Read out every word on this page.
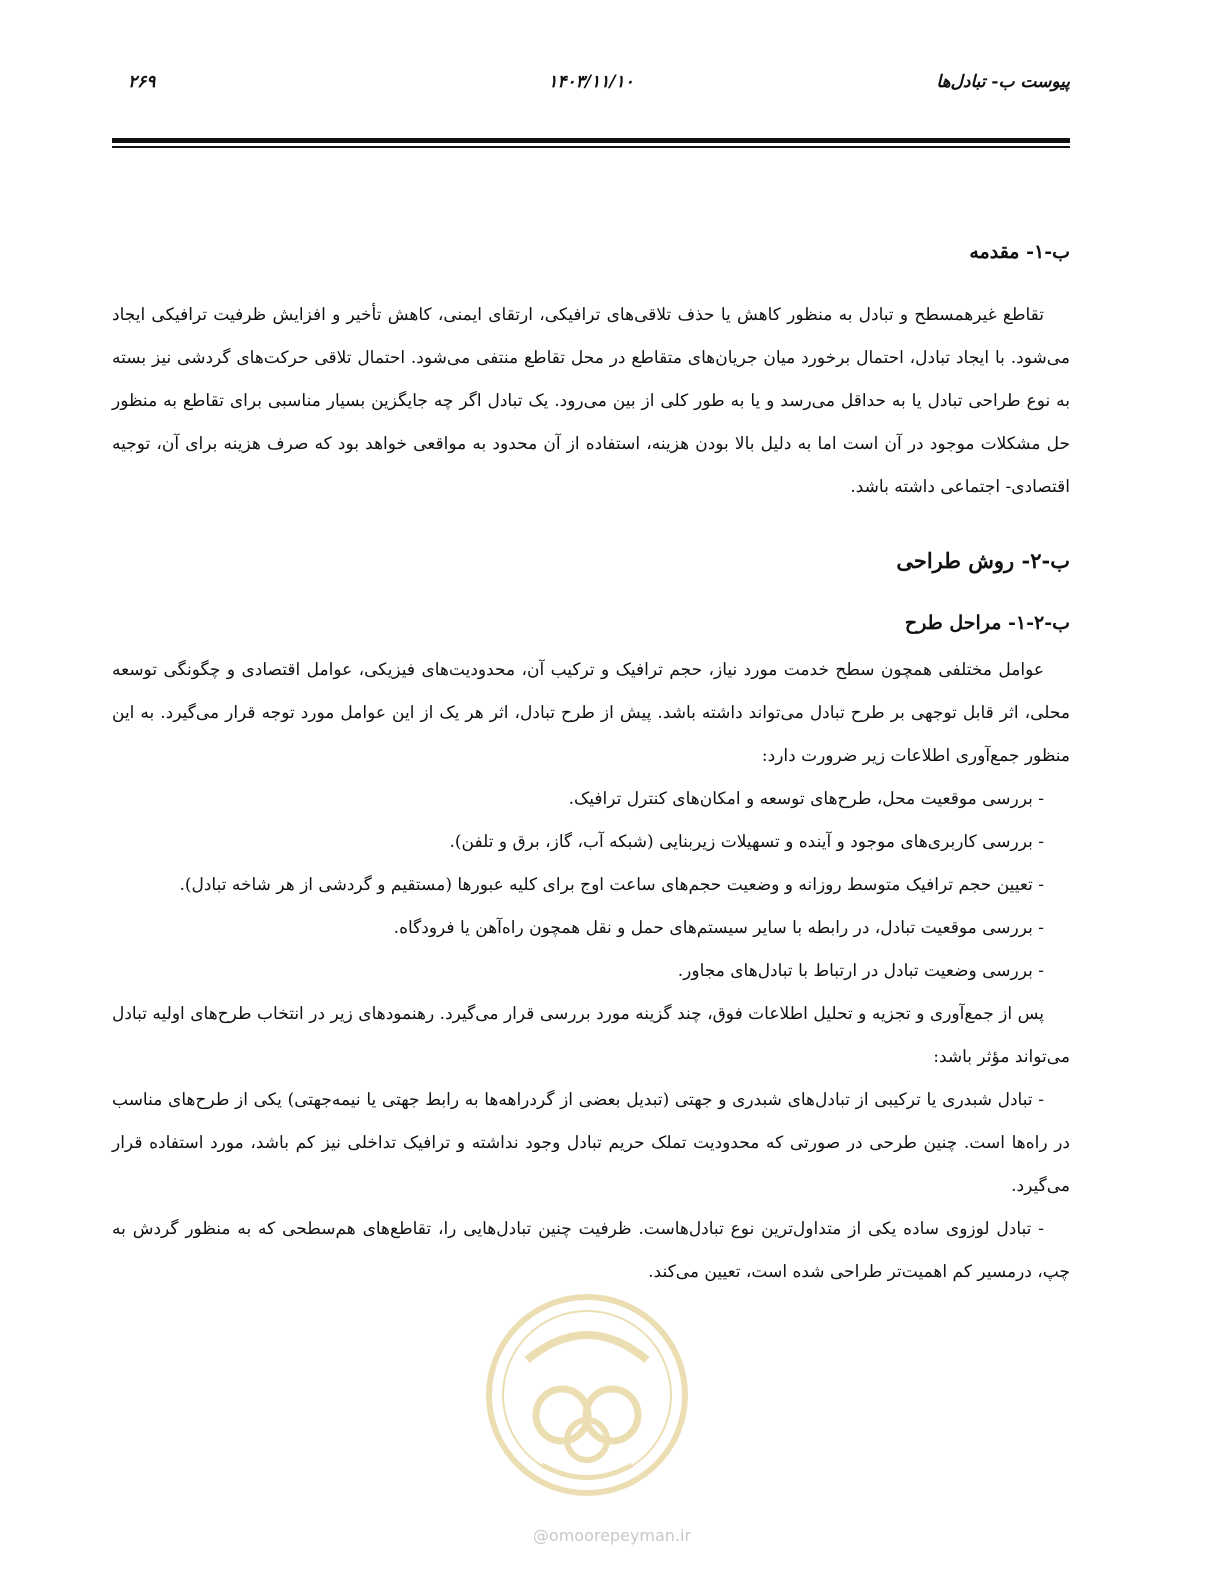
پیوست ب- تبادل‌ها
۱۴۰۳/۱۱/۱۰
۲۶۹
ب-۱- مقدمه

تقاطع غیرهمسطح و تبادل به منظور کاهش یا حذف تلاقی‌های ترافیکی، ارتقای ایمنی، کاهش تأخیر و افزایش ظرفیت ترافیکی ایجاد می‌شود. با ایجاد تبادل، احتمال برخورد میان جریان‌های متقاطع در محل تقاطع منتفی می‌شود. احتمال تلاقی حرکت‌های گردشی نیز بسته به نوع طراحی تبادل یا به حداقل می‌رسد و یا به طور کلی از بین می‌رود. یک تبادل اگر چه جایگزین بسیار مناسبی برای تقاطع به منظور حل مشکلات موجود در آن است اما به دلیل بالا بودن هزینه، استفاده از آن محدود به مواقعی خواهد بود که صرف هزینه برای آن، توجیه اقتصادی- اجتماعی داشته باشد.

ب-۲- روش طراحی
ب-۲-۱- مراحل طرح

عوامل مختلفی همچون سطح خدمت مورد نیاز، حجم ترافیک و ترکیب آن، محدودیت‌های فیزیکی، عوامل اقتصادی و چگونگی توسعه محلی، اثر قابل توجهی بر طرح تبادل می‌تواند داشته باشد. پیش از طرح تبادل، اثر هر یک از این عوامل مورد توجه قرار می‌گیرد. به این منظور جمع‌آوری اطلاعات زیر ضرورت دارد:

- بررسی موقعیت محل، طرح‌های توسعه و امکان‌های کنترل ترافیک.

- بررسی کاربری‌های موجود و آینده و تسهیلات زیربنایی (شبکه آب، گاز، برق و تلفن).

- تعیین حجم ترافیک متوسط روزانه و وضعیت حجم‌های ساعت اوج برای کلیه عبورها (مستقیم و گردشی از هر شاخه تبادل).

- بررسی موقعیت تبادل، در رابطه با سایر سیستم‌های حمل و نقل همچون راه‌آهن یا فرودگاه.

- بررسی وضعیت تبادل در ارتباط با تبادل‌های مجاور.

پس از جمع‌آوری و تجزیه و تحلیل اطلاعات فوق، چند گزینه مورد بررسی قرار می‌گیرد. رهنمودهای زیر در انتخاب طرح‌های اولیه تبادل می‌تواند مؤثر باشد:

- تبادل شبدری یا ترکیبی از تبادل‌های شبدری و جهتی (تبدیل بعضی از گردراهه‌ها به رابط جهتی یا نیمه‌جهتی) یکی از طرح‌های مناسب در راه‌ها است. چنین طرحی در صورتی که محدودیت تملک حریم تبادل وجود نداشته و ترافیک تداخلی نیز کم باشد، مورد استفاده قرار می‌گیرد.

- تبادل لوزوی ساده یکی از متداول‌ترین نوع تبادل‌هاست. ظرفیت چنین تبادل‌هایی را، تقاطع‌های هم‌سطحی که به منظور گردش به چپ، درمسیر کم اهمیت‌تر طراحی شده است، تعیین می‌کند.

@omoorepeyman.ir
